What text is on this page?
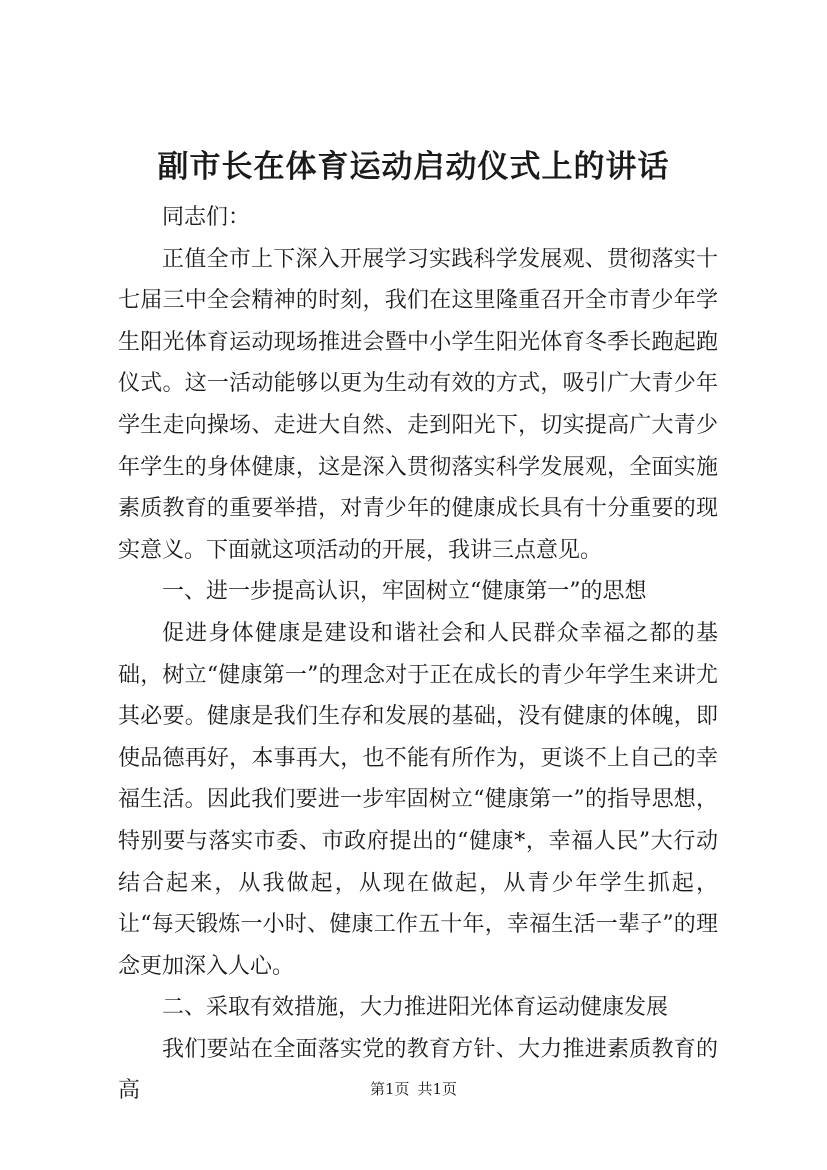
副市长在体育运动启动仪式上的讲话

同志们：

正值全市上下深入开展学习实践科学发展观、贯彻落实十七届三中全会精神的时刻，我们在这里隆重召开全市青少年学生阳光体育运动现场推进会暨中小学生阳光体育冬季长跑起跑仪式。这一活动能够以更为生动有效的方式，吸引广大青少年学生走向操场、走进大自然、走到阳光下，切实提高广大青少年学生的身体健康，这是深入贯彻落实科学发展观，全面实施素质教育的重要举措，对青少年的健康成长具有十分重要的现实意义。下面就这项活动的开展，我讲三点意见。

一、进一步提高认识，牢固树立“健康第一”的思想

促进身体健康是建设和谐社会和人民群众幸福之都的基础，树立“健康第一”的理念对于正在成长的青少年学生来讲尤其必要。健康是我们生存和发展的基础，没有健康的体魄，即使品德再好，本事再大，也不能有所作为，更谈不上自己的幸福生活。因此我们要进一步牢固树立“健康第一”的指导思想，特别要与落实市委、市政府提出的“健康*，幸福人民”大行动结合起来，从我做起，从现在做起，从青少年学生抓起，让“每天锻炼一小时、健康工作五十年，幸福生活一辈子”的理念更加深入人心。

二、采取有效措施，大力推进阳光体育运动健康发展

我们要站在全面落实党的教育方针、大力推进素质教育的高	第1页 共1页
